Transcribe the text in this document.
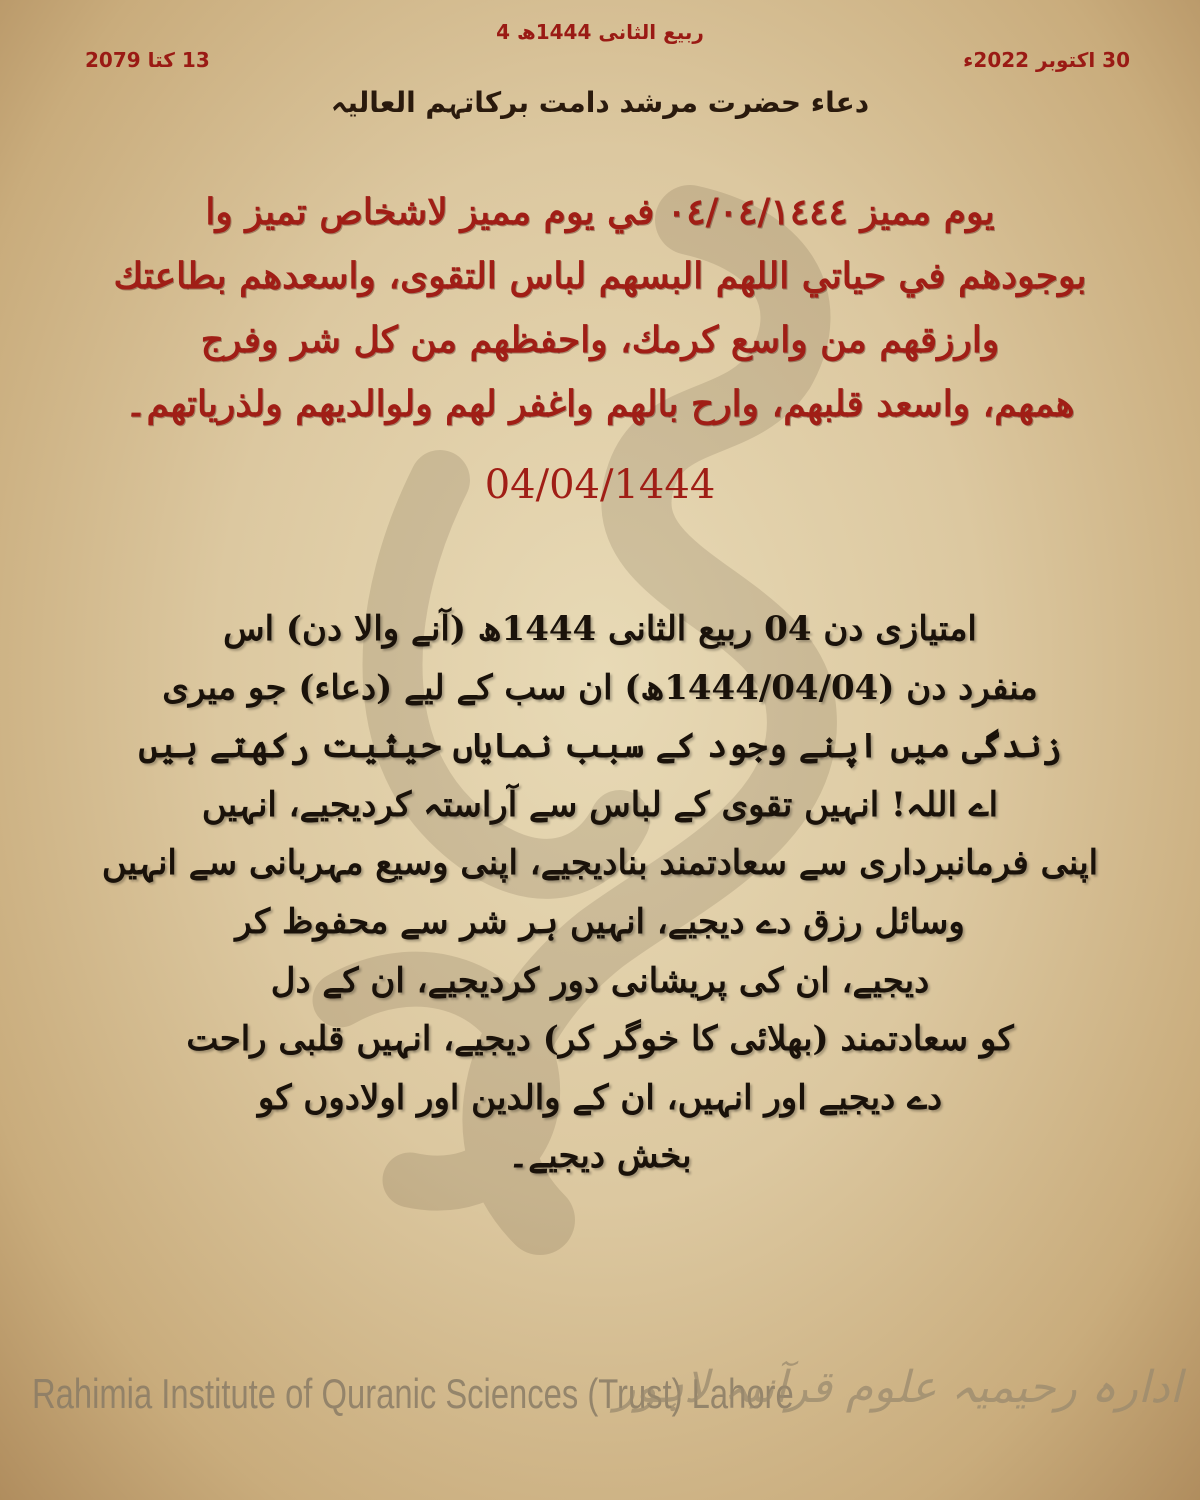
4 ربیع الثانی 1444ھ
30 اکتوبر 2022ء
13 کتا 2079
دعاء حضرت مرشد دامت برکاتہم العالیہ
يوم مميز ٠٤/٠٤/١٤٤٤ في يوم مميز لاشخاص تميز وا
بوجودهم في حياتي اللهم البسهم لباس التقوى، واسعدهم بطاعتك
وارزقهم من واسع كرمك، واحفظهم من كل شر وفرج
همهم، واسعد قلبهم، وارح بالهم واغفر لهم ولوالديهم ولذرياتهم۔
04/04/1444
امتیازی دن 04 ربیع الثانی 1444ھ (آنے والا دن) اس
منفرد دن (1444/04/04ھ) ان سب کے لیے (دعاء) جو میری
زندگی میں اپنے وجود کے سبب نمایاں حیثیت رکھتے ہیں
اے اللہ! انہیں تقوی کے لباس سے آراستہ کردیجیے، انہیں
اپنی فرمانبرداری سے سعادتمند بنادیجیے، اپنی وسیع مہربانی سے انہیں
وسائل رزق دے دیجیے، انہیں ہر شر سے محفوظ کر
دیجیے، ان کی پریشانی دور کردیجیے، ان کے دل
کو سعادتمند (بھلائی کا خوگر کر) دیجیے، انہیں قلبی راحت
دے دیجیے اور انہیں، ان کے والدین اور اولادوں کو
بخش دیجیے۔
Rahimia Institute of Quranic Sciences (Trust) Lahore
ادارہ رحیمیہ علوم قرآنیہ لاہور
